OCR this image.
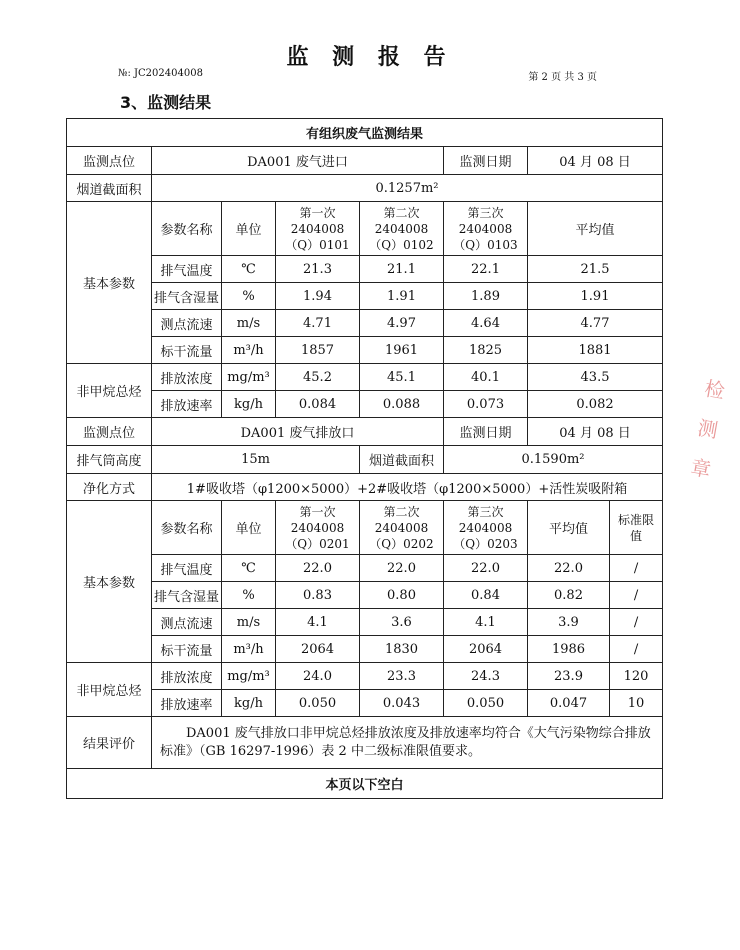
监 测 报 告
№: JC202404008	第 2 页 共 3 页
3、监测结果
有组织废气监测结果							
监测点位	DA001 废气进口				监测日期	04 月 08 日	
烟道截面积	0.1257m²						
基本参数	参数名称	单位	第一次
2404008
（Q）0101	第二次
2404008
（Q）0102	第三次
2404008
（Q）0103	平均值	
	排气温度	℃	21.3	21.1	22.1	21.5	
	排气含湿量	%	1.94	1.91	1.89	1.91	
	测点流速	m/s	4.71	4.97	4.64	4.77	
	标干流量	m³/h	1857	1961	1825	1881	
非甲烷总烃	排放浓度	mg/m³	45.2	45.1	40.1	43.5	
	排放速率	kg/h	0.084	0.088	0.073	0.082	
监测点位	DA001 废气排放口				监测日期	04 月 08 日	
排气筒高度	15m			烟道截面积	0.1590m²		
净化方式	1#吸收塔（φ1200×5000）+2#吸收塔（φ1200×5000）+活性炭吸附箱						
基本参数	参数名称	单位	第一次
2404008
（Q）0201	第二次
2404008
（Q）0202	第三次
2404008
（Q）0203	平均值	标准限值
	排气温度	℃	22.0	22.0	22.0	22.0	/
	排气含湿量	%	0.83	0.80	0.84	0.82	/
	测点流速	m/s	4.1	3.6	4.1	3.9	/
	标干流量	m³/h	2064	1830	2064	1986	/
非甲烷总烃	排放浓度	mg/m³	24.0	23.3	24.3	23.9	120
	排放速率	kg/h	0.050	0.043	0.050	0.047	10
结果评价	DA001 废气排放口非甲烷总烃排放浓度及排放速率均符合《大气污染物综合排放标准》（GB 16297-1996）表 2 中二级标准限值要求。						
本页以下空白							
检
测
章
